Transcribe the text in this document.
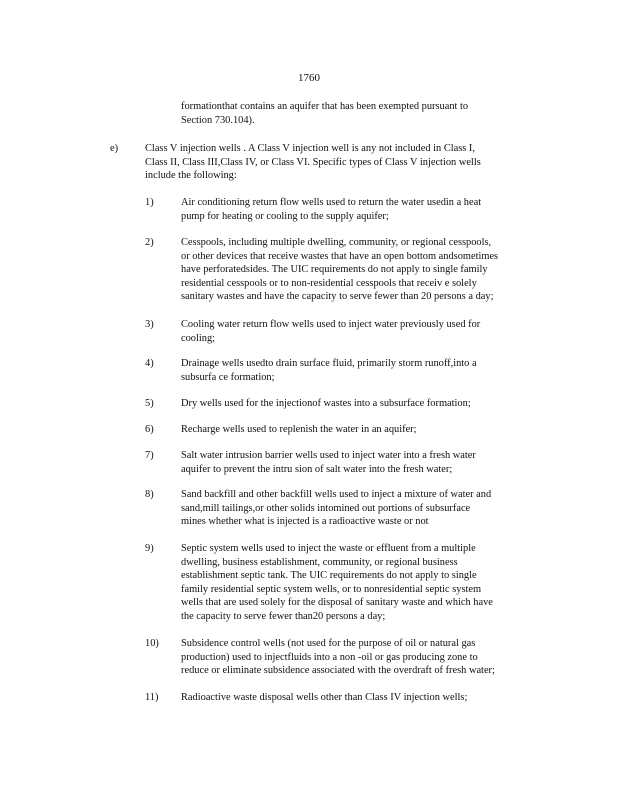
1760
formationthat contains an aquifer that has been exempted pursuant to
Section 730.104).
e)	Class V injection wells . A Class V injection well is any not included in Class I,
Class II, Class III,Class IV, or Class VI. Specific types of Class V injection wells
include the following:
1)	Air conditioning return flow wells used to return the water usedin a heat
pump for heating or cooling to the supply aquifer;
2)	Cesspools, including multiple dwelling, community, or regional cesspools,
or other devices that receive wastes that have an open bottom andsometimes
have perforatedsides. The UIC requirements do not apply to single family
residential cesspools or to non-residential cesspools that receiv e solely
sanitary wastes and have the capacity to serve fewer than 20 persons a day;
3)	Cooling water return flow wells used to inject water previously used for
cooling;
4)	Drainage wells usedto drain surface fluid, primarily storm runoff,into a
subsurfa ce formation;
5)	Dry wells used for the injectionof wastes into a subsurface formation;
6)	Recharge wells used to replenish the water in an aquifer;
7)	Salt water intrusion barrier wells used to inject water into a fresh water
aquifer to prevent the intru sion of salt water into the fresh water;
8)	Sand backfill and other backfill wells used to inject a mixture of water and
sand,mill tailings,or other solids intomined out portions of subsurface
mines whether what is injected is a radioactive waste or not
9)	Septic system wells used to inject the waste or effluent from a multiple
dwelling, business establishment, community, or regional business
establishment septic tank. The UIC requirements do not apply to single
family residential septic system wells, or to nonresidential septic system
wells that are used solely for the disposal of sanitary waste and which have
the capacity to serve fewer than20 persons a day;
10) Subsidence control wells (not used for the purpose of oil or natural gas
production) used to injectfluids into a non -oil or gas producing zone to
reduce or eliminate subsidence associated with the overdraft of fresh water;
11) Radioactive waste disposal wells other than Class IV injection wells;
